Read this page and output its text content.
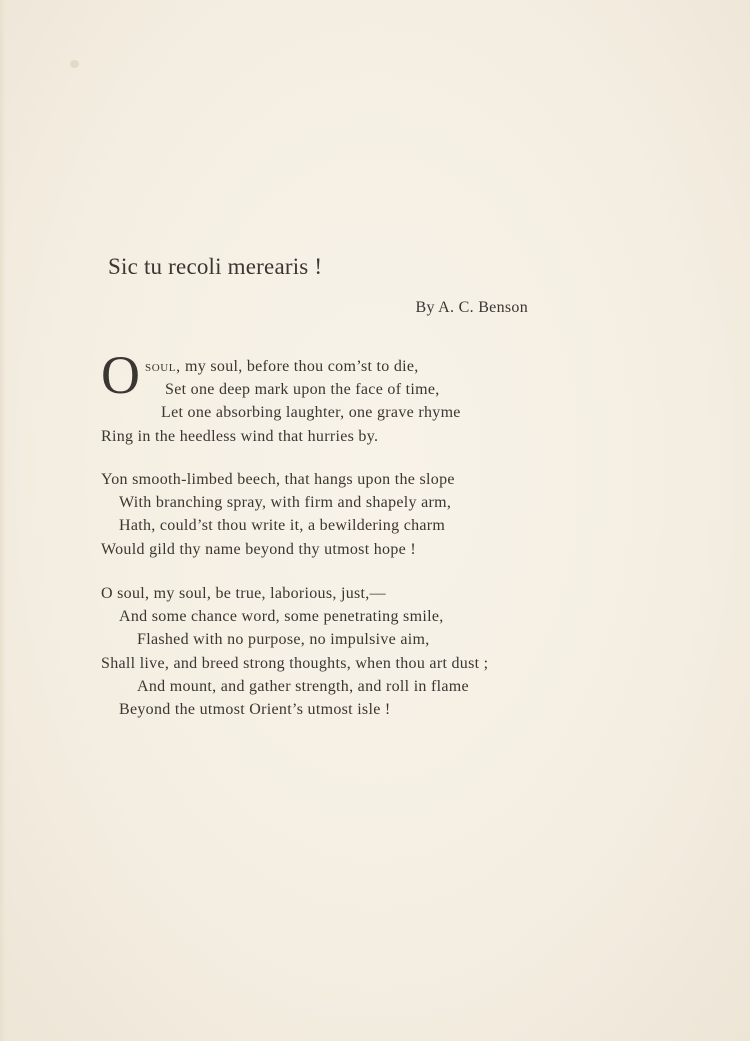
Sic tu recoli merearis !
By A. C. Benson
O soul, my soul, before thou com’st to die,
Set one deep mark upon the face of time,
Let one absorbing laughter, one grave rhyme
Ring in the heedless wind that hurries by.
Yon smooth-limbed beech, that hangs upon the slope
With branching spray, with firm and shapely arm,
Hath, could’st thou write it, a bewildering charm
Would gild thy name beyond thy utmost hope !
O soul, my soul, be true, laborious, just,—
And some chance word, some penetrating smile,
Flashed with no purpose, no impulsive aim,
Shall live, and breed strong thoughts, when thou art dust ;
And mount, and gather strength, and roll in flame
Beyond the utmost Orient’s utmost isle !
